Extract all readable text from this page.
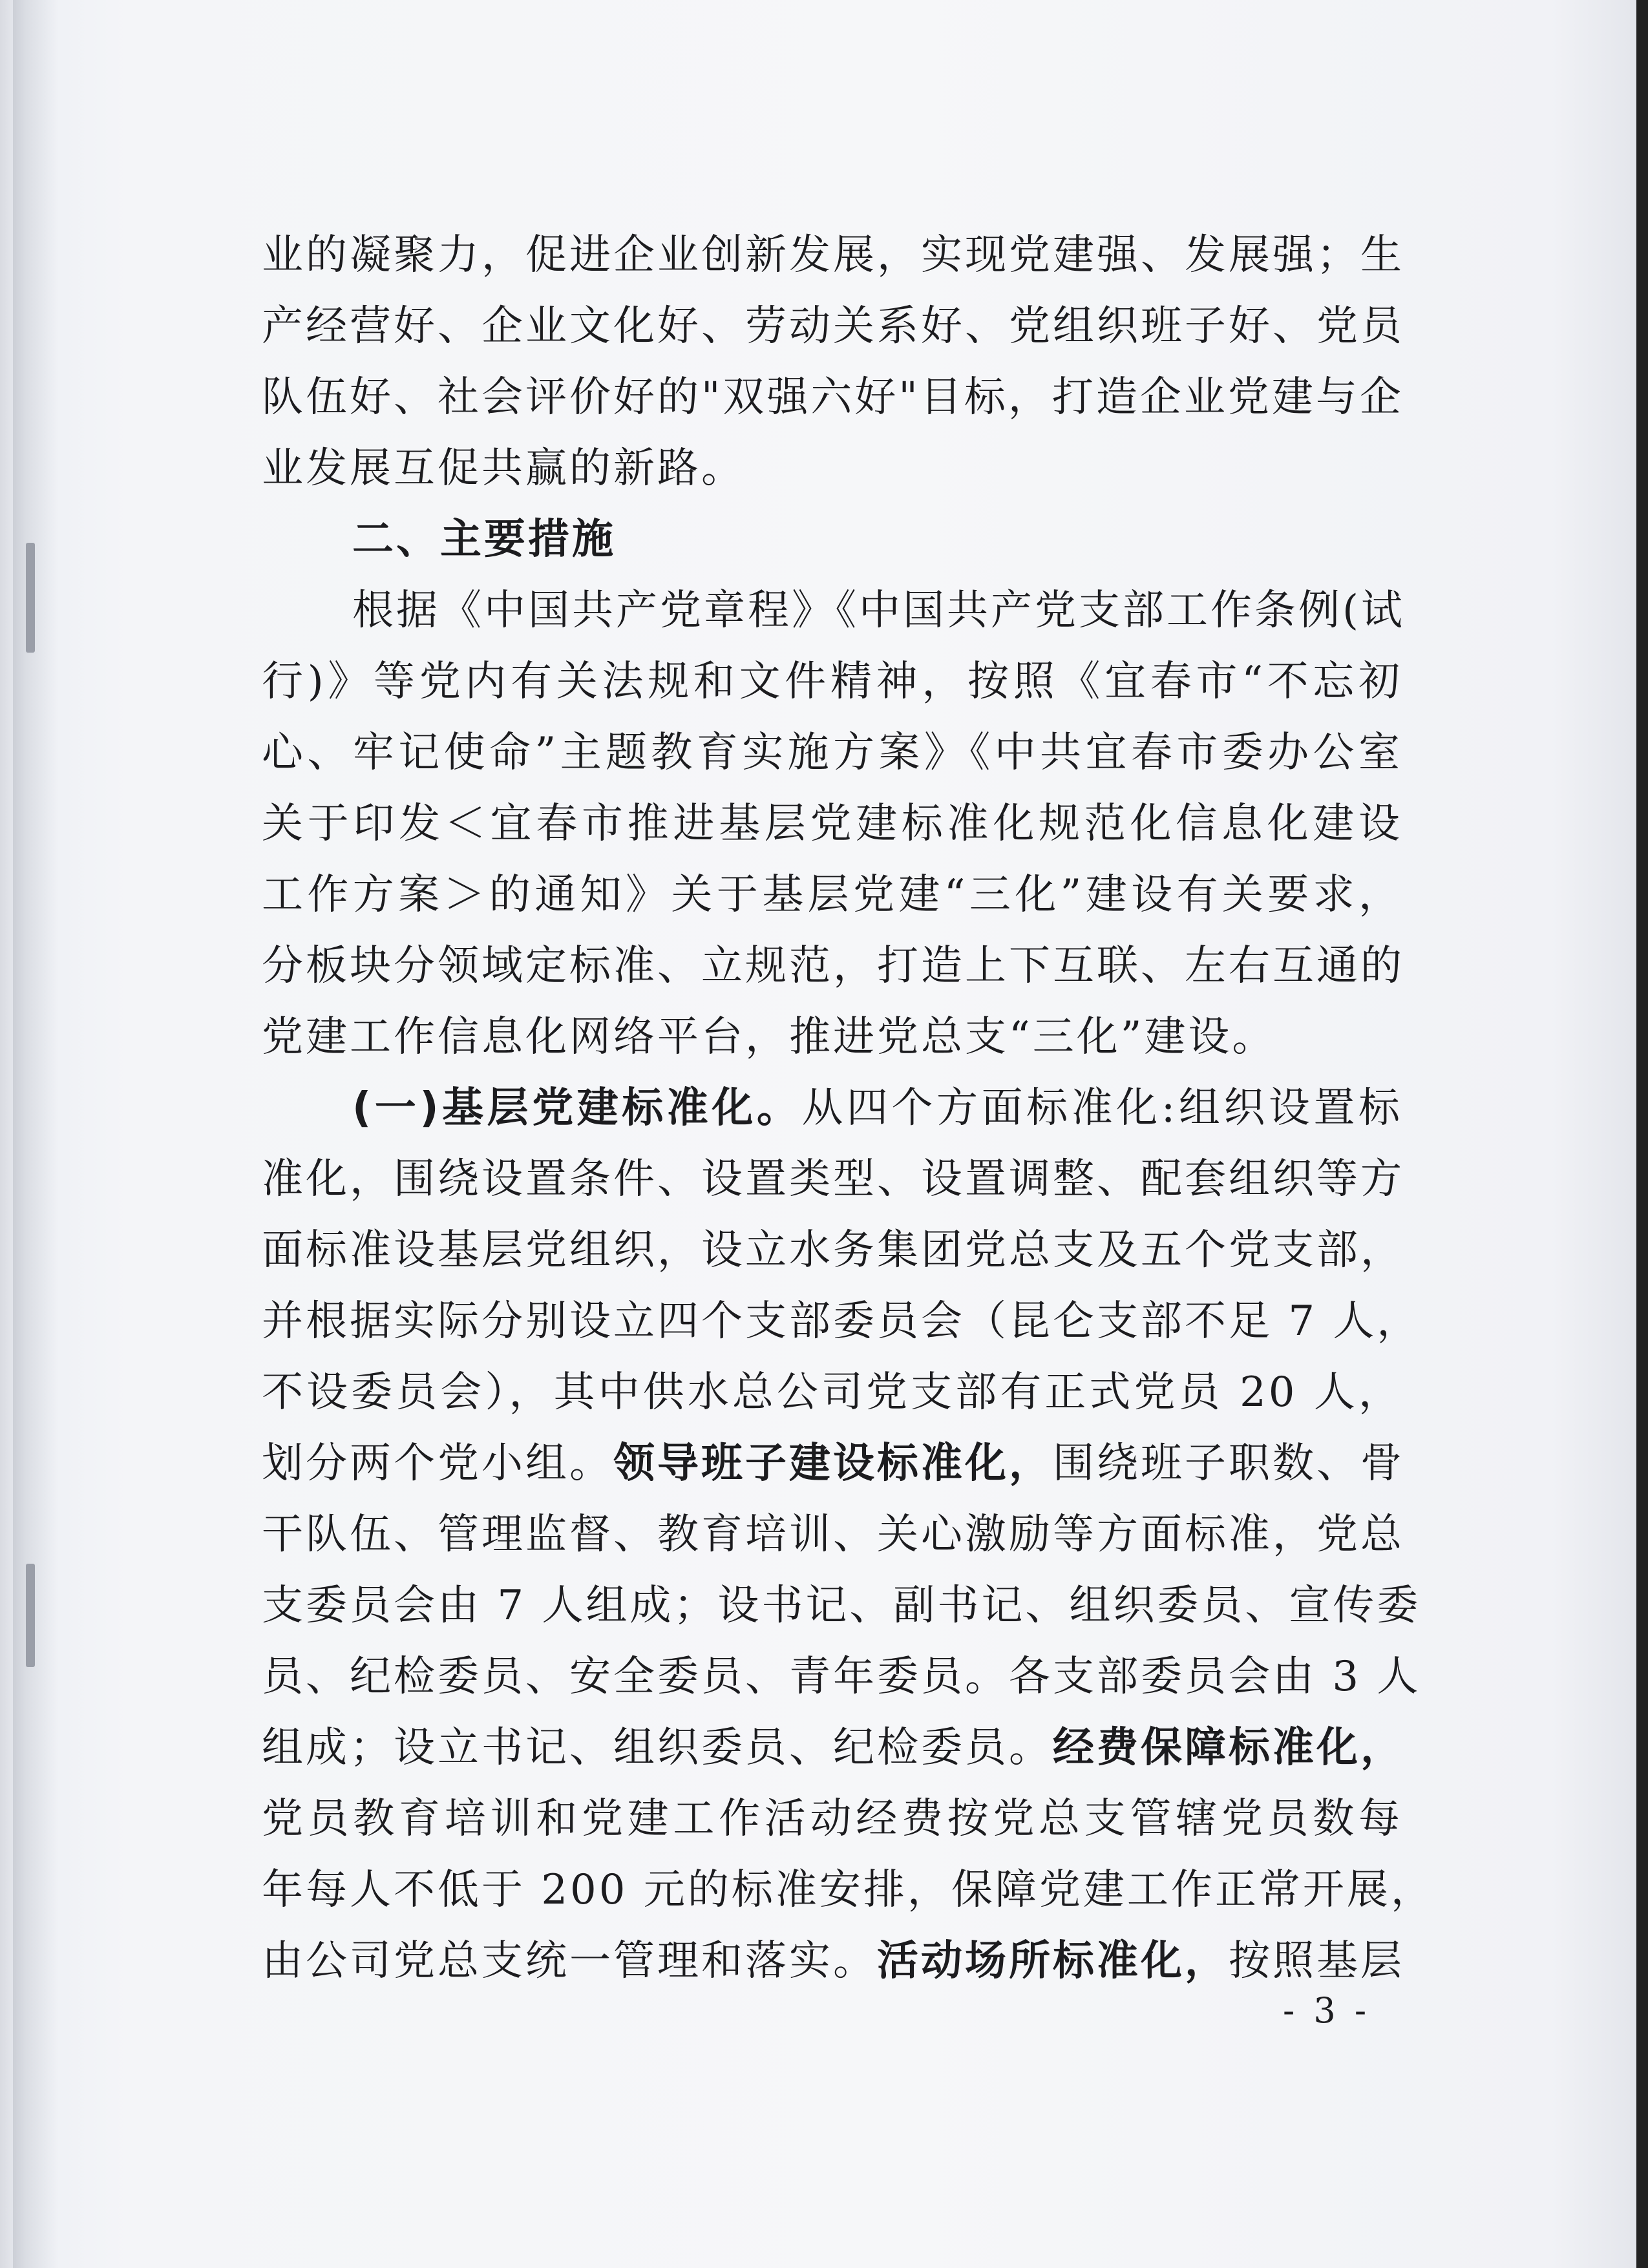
业的凝聚力，促进企业创新发展，实现党建强、发展强；生
产经营好、企业文化好、劳动关系好、党组织班子好、党员
队伍好、社会评价好的"双强六好"目标，打造企业党建与企
业发展互促共赢的新路。
二、主要措施
根据《中国共产党章程》《中国共产党支部工作条例(试
行)》等党内有关法规和文件精神，按照《宜春市“不忘初
心、牢记使命”主题教育实施方案》《中共宜春市委办公室
关于印发＜宜春市推进基层党建标准化规范化信息化建设
工作方案＞的通知》关于基层党建“三化”建设有关要求，
分板块分领域定标准、立规范，打造上下互联、左右互通的
党建工作信息化网络平台，推进党总支“三化”建设。
(一)基层党建标准化。从四个方面标准化:组织设置标
准化，围绕设置条件、设置类型、设置调整、配套组织等方
面标准设基层党组织，设立水务集团党总支及五个党支部，
并根据实际分别设立四个支部委员会（昆仑支部不足 7 人，
不设委员会），其中供水总公司党支部有正式党员 20 人，
划分两个党小组。领导班子建设标准化，围绕班子职数、骨
干队伍、管理监督、教育培训、关心激励等方面标准，党总
支委员会由 7 人组成；设书记、副书记、组织委员、宣传委
员、纪检委员、安全委员、青年委员。各支部委员会由 3 人
组成；设立书记、组织委员、纪检委员。经费保障标准化，
党员教育培训和党建工作活动经费按党总支管辖党员数每
年每人不低于 200 元的标准安排，保障党建工作正常开展，
由公司党总支统一管理和落实。活动场所标准化，按照基层
- 3 -
